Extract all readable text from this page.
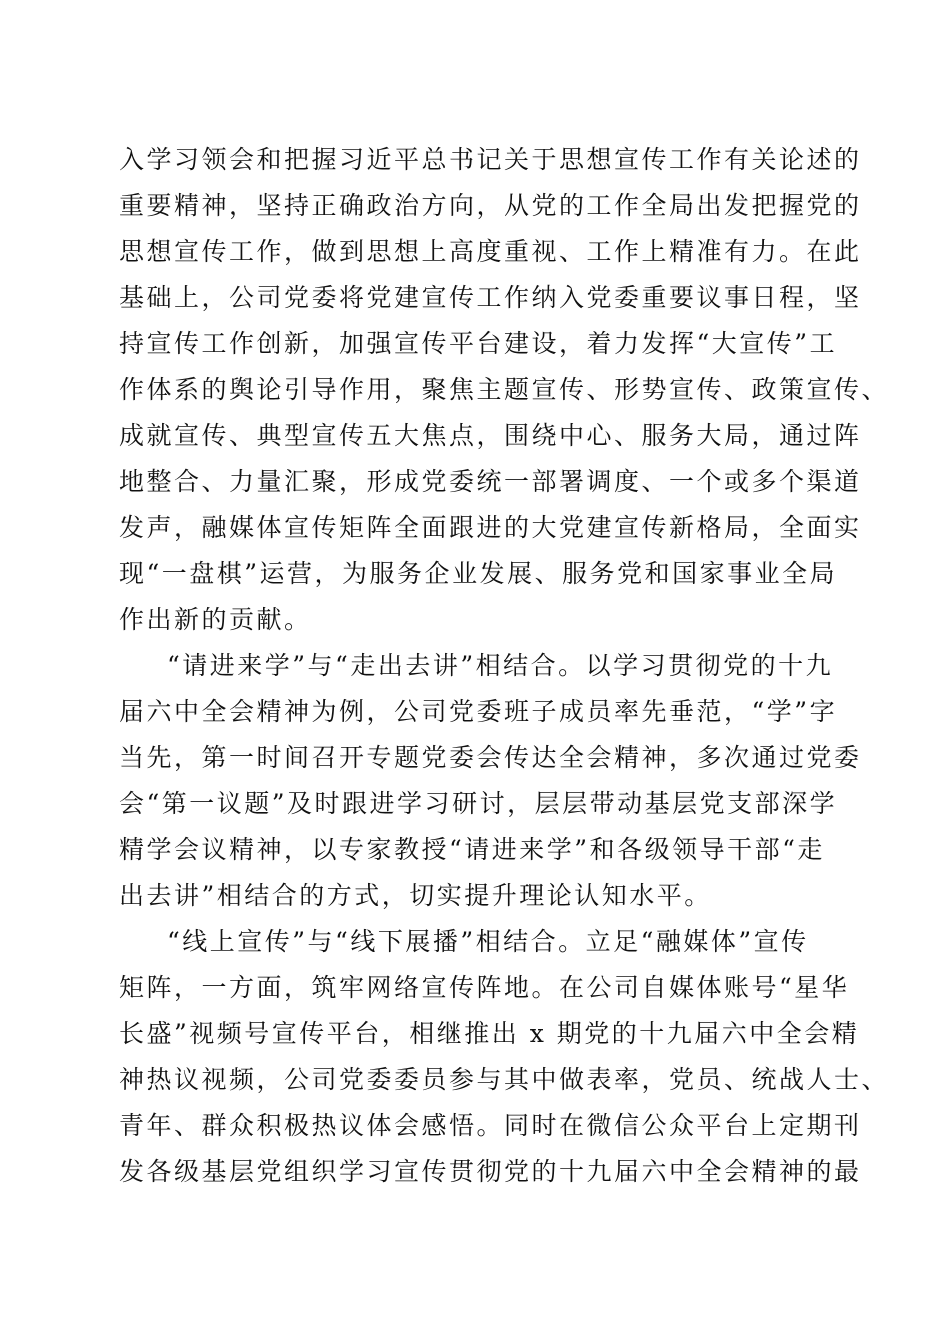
入学习领会和把握习近平总书记关于思想宣传工作有关论述的
重要精神，坚持正确政治方向，从党的工作全局出发把握党的
思想宣传工作，做到思想上高度重视、工作上精准有力。在此
基础上，公司党委将党建宣传工作纳入党委重要议事日程，坚
持宣传工作创新，加强宣传平台建设，着力发挥“大宣传”工
作体系的舆论引导作用，聚焦主题宣传、形势宣传、政策宣传、
成就宣传、典型宣传五大焦点，围绕中心、服务大局，通过阵
地整合、力量汇聚，形成党委统一部署调度、一个或多个渠道
发声，融媒体宣传矩阵全面跟进的大党建宣传新格局，全面实
现“一盘棋”运营，为服务企业发展、服务党和国家事业全局
作出新的贡献。
“请进来学”与“走出去讲”相结合。以学习贯彻党的十九
届六中全会精神为例，公司党委班子成员率先垂范，“学”字
当先，第一时间召开专题党委会传达全会精神，多次通过党委
会“第一议题”及时跟进学习研讨，层层带动基层党支部深学
精学会议精神，以专家教授“请进来学”和各级领导干部“走
出去讲”相结合的方式，切实提升理论认知水平。
“线上宣传”与“线下展播”相结合。立足“融媒体”宣传
矩阵，一方面，筑牢网络宣传阵地。在公司自媒体账号“星华
长盛”视频号宣传平台，相继推出 x 期党的十九届六中全会精
神热议视频，公司党委委员参与其中做表率，党员、统战人士、
青年、群众积极热议体会感悟。同时在微信公众平台上定期刊
发各级基层党组织学习宣传贯彻党的十九届六中全会精神的最
